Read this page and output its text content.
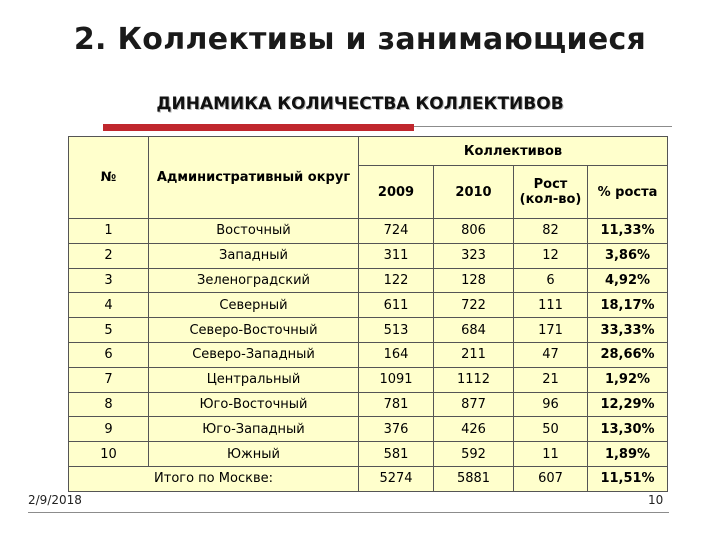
2. Коллективы и занимающиеся
ДИНАМИКА КОЛИЧЕСТВА КОЛЛЕКТИВОВ
№	Административный округ	Коллективов			
		2009	2010	Рост (кол-во)	% роста
1	Восточный	724	806	82	11,33%
2	Западный	311	323	12	3,86%
3	Зеленоградский	122	128	6	4,92%
4	Северный	611	722	111	18,17%
5	Северо-Восточный	513	684	171	33,33%
6	Северо-Западный	164	211	47	28,66%
7	Центральный	1091	1112	21	1,92%
8	Юго-Восточный	781	877	96	12,29%
9	Юго-Западный	376	426	50	13,30%
10	Южный	581	592	11	1,89%
Итого по Москве:		5274	5881	607	11,51%
2/9/2018	10
